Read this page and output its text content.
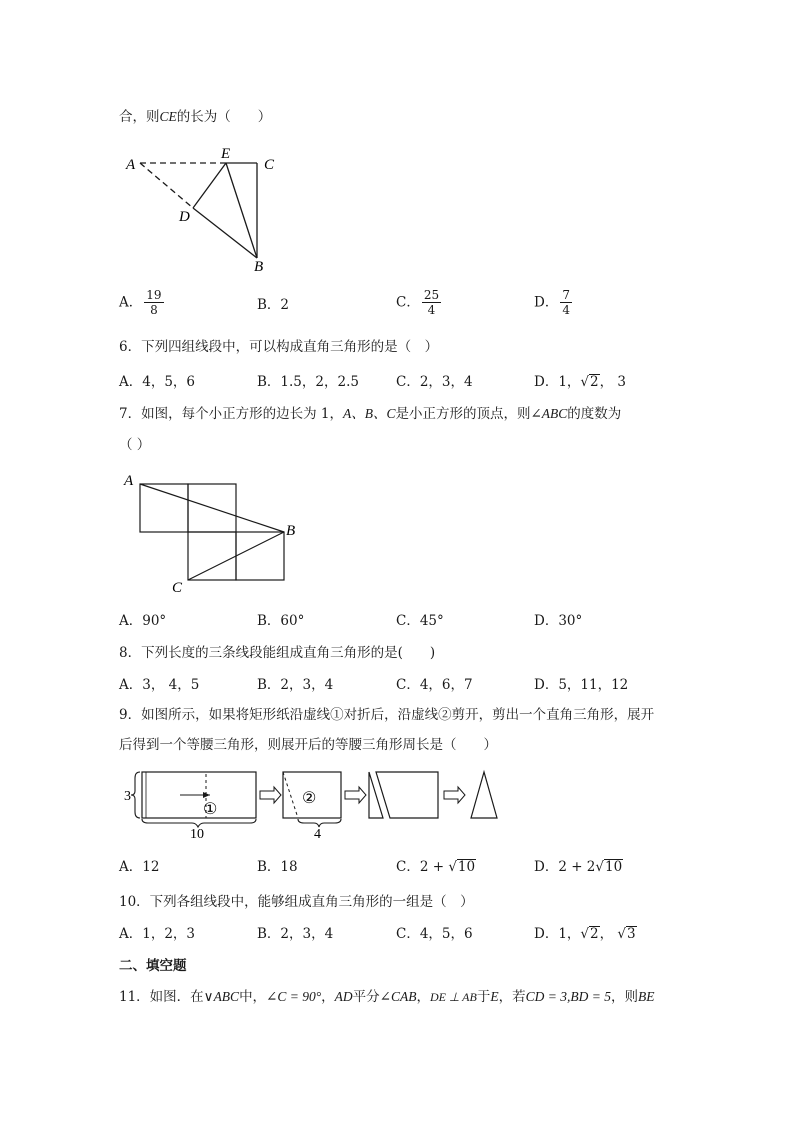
合，则CE的长为（　　）
A
E
C
D
B
A． $\frac{19}{8}$	B．2	C． $\frac{25}{4}$	D． $\frac{7}{4}$
6．下列四组线段中，可以构成直角三角形的是（　）
A．4，5，6	B．1.5，2，2.5	C．2，3，4	D．1，√2， 3
7．如图，每个小正方形的边长为 1，A、B、C是小正方形的顶点，则∠ABC的度数为
（ ）
A
B
C
A．90°	B．60°	C．45°	D．30°
8．下列长度的三条线段能组成直角三角形的是(　　)
A．3， 4，5	B．2，3，4	C．4，6，7	D．5，11，12
9．如图所示，如果将矩形纸沿虚线①对折后，沿虚线②剪开，剪出一个直角三角形，展开
后得到一个等腰三角形，则展开后的等腰三角形周长是（　　）
3
①
10
②
4
A．12	B．18	C．2 + √10	D．2 + 2√10
10．下列各组线段中，能够组成直角三角形的一组是（　）
A．1，2，3	B．2，3，4	C．4，5，6	D．1，√2， √3
二、填空题
11．如图．在∨ABC中，∠C = 90°，AD平分∠CAB，DE ⊥ AB于E，若CD = 3,BD = 5，则BE
